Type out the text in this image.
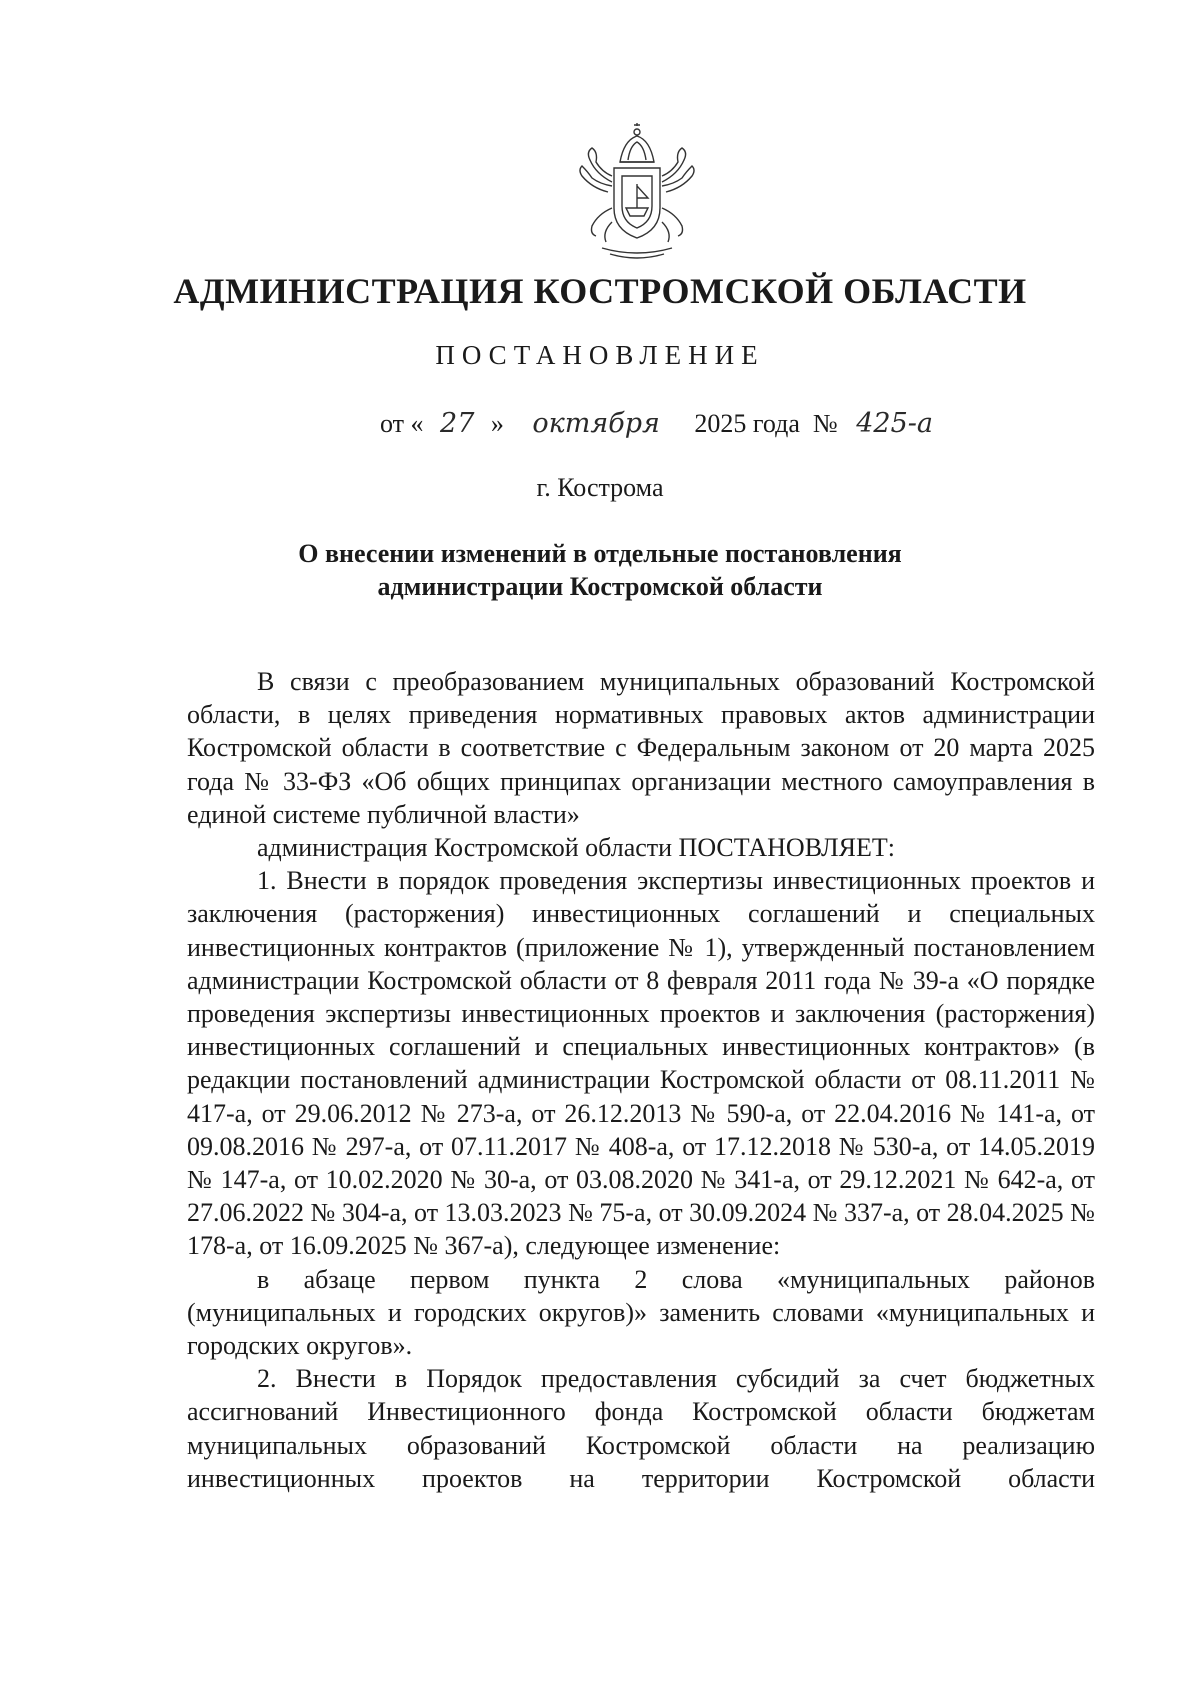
АДМИНИСТРАЦИЯ КОСТРОМСКОЙ ОБЛАСТИ
ПОСТАНОВЛЕНИЕ
от « 27 » октября 2025 года  № 425-а
г. Кострома
О внесении изменений в отдельные постановления
администрации Костромской области

В связи с преобразованием муниципальных образований Костромской области, в целях приведения нормативных правовых актов администрации Костромской области в соответствие с Федеральным законом от 20 марта 2025 года № 33-ФЗ «Об общих принципах организации местного самоуправления в единой системе публичной власти»

администрация Костромской области ПОСТАНОВЛЯЕТ:

1. Внести в порядок проведения экспертизы инвестиционных проектов и заключения (расторжения) инвестиционных соглашений и специальных инвестиционных контрактов (приложение № 1), утвержденный постановлением администрации Костромской области от 8 февраля 2011 года № 39-а «О порядке проведения экспертизы инвестиционных проектов и заключения (расторжения) инвестиционных соглашений и специальных инвестиционных контрактов» (в редакции постановлений администрации Костромской области от 08.11.2011 № 417-а, от 29.06.2012 № 273-а, от 26.12.2013 № 590-а, от 22.04.2016 № 141-а, от 09.08.2016 № 297-а, от 07.11.2017 № 408-а, от 17.12.2018 № 530-а, от 14.05.2019 № 147-а, от 10.02.2020 № 30-а, от 03.08.2020 № 341-а, от 29.12.2021 № 642-а, от 27.06.2022 № 304-а, от 13.03.2023 № 75-а, от 30.09.2024 № 337-а, от 28.04.2025 № 178-а, от 16.09.2025 № 367-а), следующее изменение:

в абзаце первом пункта 2 слова «муниципальных районов (муниципальных и городских округов)» заменить словами «муниципальных и городских округов».

2. Внести в Порядок предоставления субсидий за счет бюджетных ассигнований Инвестиционного фонда Костромской области бюджетам муниципальных образований Костромской области на реализацию инвестиционных проектов на территории Костромской области
